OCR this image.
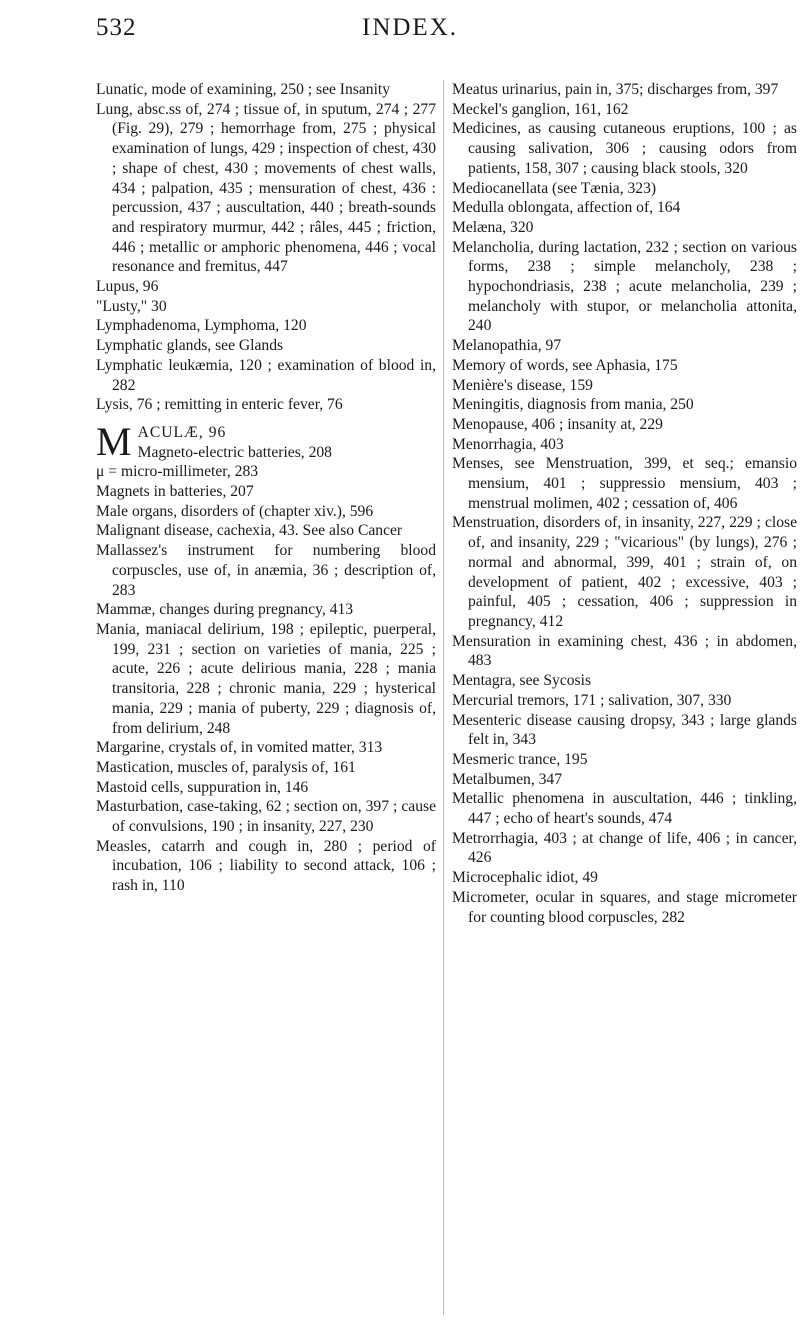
532	INDEX.

Lunatic, mode of examining, 250 ; see Insanity

Lung, absc.ss of, 274 ; tissue of, in sputum, 274 ; 277 (Fig. 29), 279 ; hemorrhage from, 275 ; physical examination of lungs, 429 ; inspection of chest, 430 ; shape of chest, 430 ; movements of chest walls, 434 ; palpation, 435 ; mensuration of chest, 436 : percussion, 437 ; auscultation, 440 ; breath-sounds and respiratory murmur, 442 ; râles, 445 ; friction, 446 ; metallic or amphoric phenomena, 446 ; vocal resonance and fremitus, 447

Lupus, 96

"Lusty," 30

Lymphadenoma, Lymphoma, 120

Lymphatic glands, see Glands

Lymphatic leukæmia, 120 ; examination of blood in, 282

Lysis, 76 ; remitting in enteric fever, 76

M ACULÆ, 96
Magneto-electric batteries, 208

μ = micro-millimeter, 283

Magnets in batteries, 207

Male organs, disorders of (chapter xiv.), 596

Malignant disease, cachexia, 43. See also Cancer

Mallassez's instrument for numbering blood corpuscles, use of, in anæmia, 36 ; description of, 283

Mammæ, changes during pregnancy, 413

Mania, maniacal delirium, 198 ; epileptic, puerperal, 199, 231 ; section on varieties of mania, 225 ; acute, 226 ; acute delirious mania, 228 ; mania transitoria, 228 ; chronic mania, 229 ; hysterical mania, 229 ; mania of puberty, 229 ; diagnosis of, from delirium, 248

Margarine, crystals of, in vomited matter, 313

Mastication, muscles of, paralysis of, 161

Mastoid cells, suppuration in, 146

Masturbation, case-taking, 62 ; section on, 397 ; cause of convulsions, 190 ; in insanity, 227, 230

Measles, catarrh and cough in, 280 ; period of incubation, 106 ; liability to second attack, 106 ; rash in, 110

Meatus urinarius, pain in, 375; discharges from, 397

Meckel's ganglion, 161, 162

Medicines, as causing cutaneous eruptions, 100 ; as causing salivation, 306 ; causing odors from patients, 158, 307 ; causing black stools, 320

Mediocanellata (see Tænia, 323)

Medulla oblongata, affection of, 164

Melæna, 320

Melancholia, during lactation, 232 ; section on various forms, 238 ; simple melancholy, 238 ; hypochondriasis, 238 ; acute melancholia, 239 ; melancholy with stupor, or melancholia attonita, 240

Melanopathia, 97

Memory of words, see Aphasia, 175

Menière's disease, 159

Meningitis, diagnosis from mania, 250

Menopause, 406 ; insanity at, 229

Menorrhagia, 403

Menses, see Menstruation, 399, et seq.; emansio mensium, 401 ; suppressio mensium, 403 ; menstrual molimen, 402 ; cessation of, 406

Menstruation, disorders of, in insanity, 227, 229 ; close of, and insanity, 229 ; "vicarious" (by lungs), 276 ; normal and abnormal, 399, 401 ; strain of, on development of patient, 402 ; excessive, 403 ; painful, 405 ; cessation, 406 ; suppression in pregnancy, 412

Mensuration in examining chest, 436 ; in abdomen, 483

Mentagra, see Sycosis

Mercurial tremors, 171 ; salivation, 307, 330

Mesenteric disease causing dropsy, 343 ; large glands felt in, 343

Mesmeric trance, 195

Metalbumen, 347

Metallic phenomena in auscultation, 446 ; tinkling, 447 ; echo of heart's sounds, 474

Metrorrhagia, 403 ; at change of life, 406 ; in cancer, 426

Microcephalic idiot, 49

Micrometer, ocular in squares, and stage micrometer for counting blood corpuscles, 282
